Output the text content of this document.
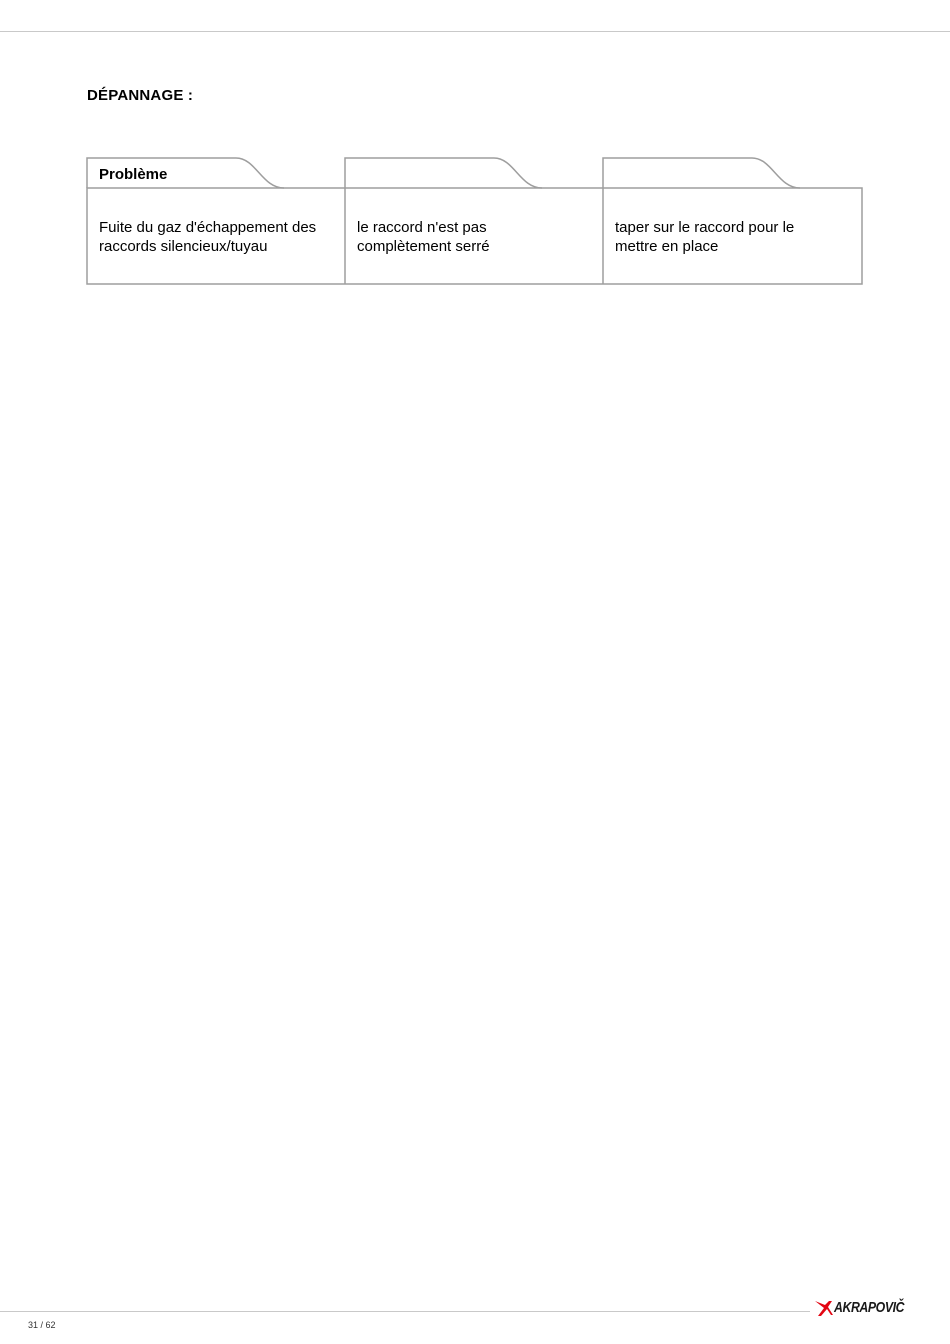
DÉPANNAGE :
Problème
Fuite du gaz d'échappement des
raccords silencieux/tuyau
le raccord n'est pas
complètement serré
taper sur le raccord pour le
mettre en place
31 / 62
AKRAPOVIČ
